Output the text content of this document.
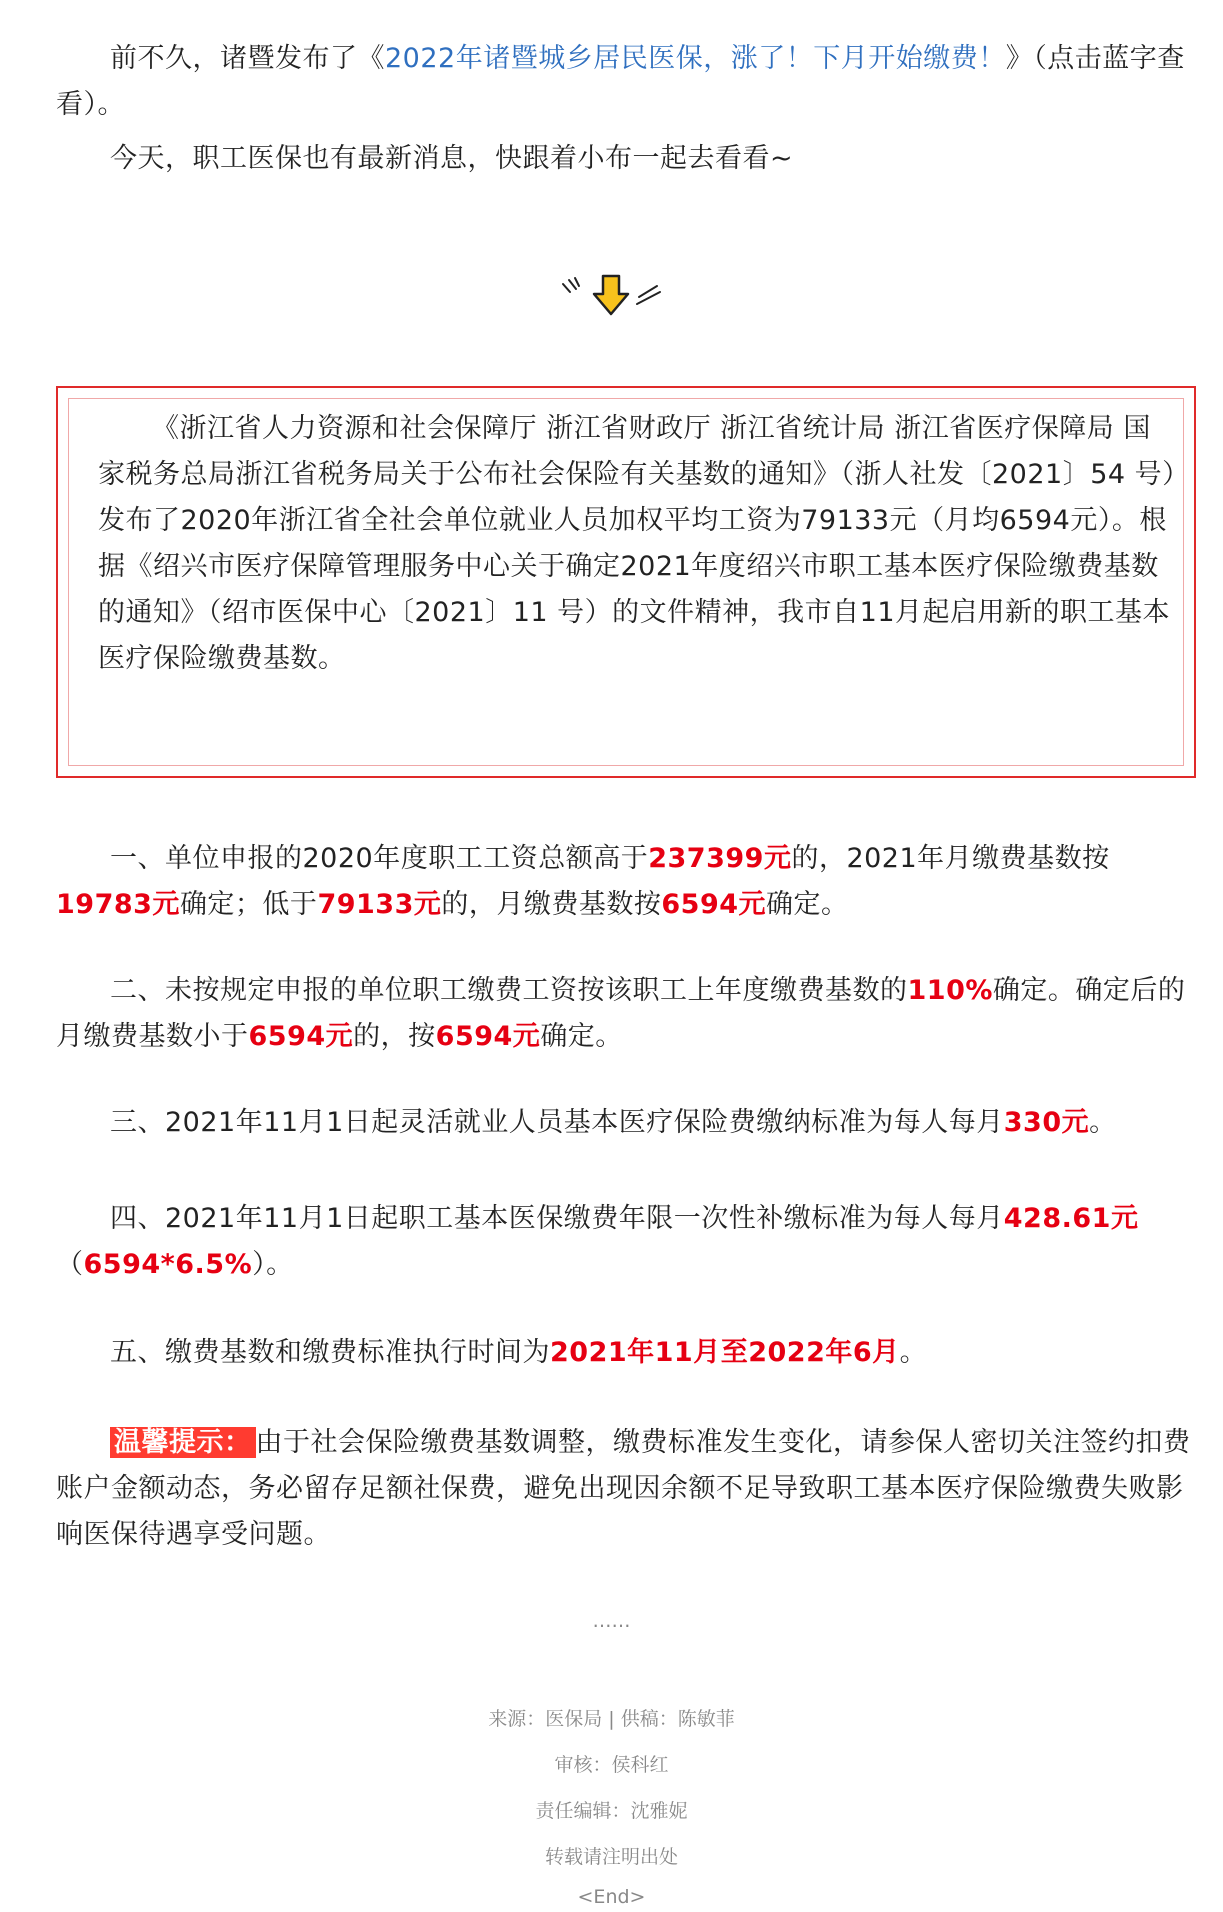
前不久，诸暨发布了《2022年诸暨城乡居民医保，涨了！下月开始缴费！》（点击蓝字查看）。

今天，职工医保也有最新消息，快跟着小布一起去看看~

《浙江省人力资源和社会保障厅 浙江省财政厅 浙江省统计局 浙江省医疗保障局 国家税务总局浙江省税务局关于公布社会保险有关基数的通知》（浙人社发〔2021〕54 号）发布了2020年浙江省全社会单位就业人员加权平均工资为79133元（月均6594元）。根据《绍兴市医疗保障管理服务中心关于确定2021年度绍兴市职工基本医疗保险缴费基数的通知》（绍市医保中心〔2021〕11 号）的文件精神，我市自11月起启用新的职工基本医疗保险缴费基数。

一、单位申报的2020年度职工工资总额高于237399元的，2021年月缴费基数按19783元确定；低于79133元的，月缴费基数按6594元确定。

二、未按规定申报的单位职工缴费工资按该职工上年度缴费基数的110%确定。确定后的月缴费基数小于6594元的，按6594元确定。

三、2021年11月1日起灵活就业人员基本医疗保险费缴纳标准为每人每月330元。

四、2021年11月1日起职工基本医保缴费年限一次性补缴标准为每人每月428.61元（6594*6.5%）。

五、缴费基数和缴费标准执行时间为2021年11月至2022年6月。

温馨提示： 由于社会保险缴费基数调整，缴费标准发生变化，请参保人密切关注签约扣费账户金额动态，务必留存足额社保费，避免出现因余额不足导致职工基本医疗保险缴费失败影响医保待遇享受问题。

……

来源：医保局 | 供稿：陈敏菲

审核：侯科红

责任编辑：沈雅妮

转载请注明出处

<End>
